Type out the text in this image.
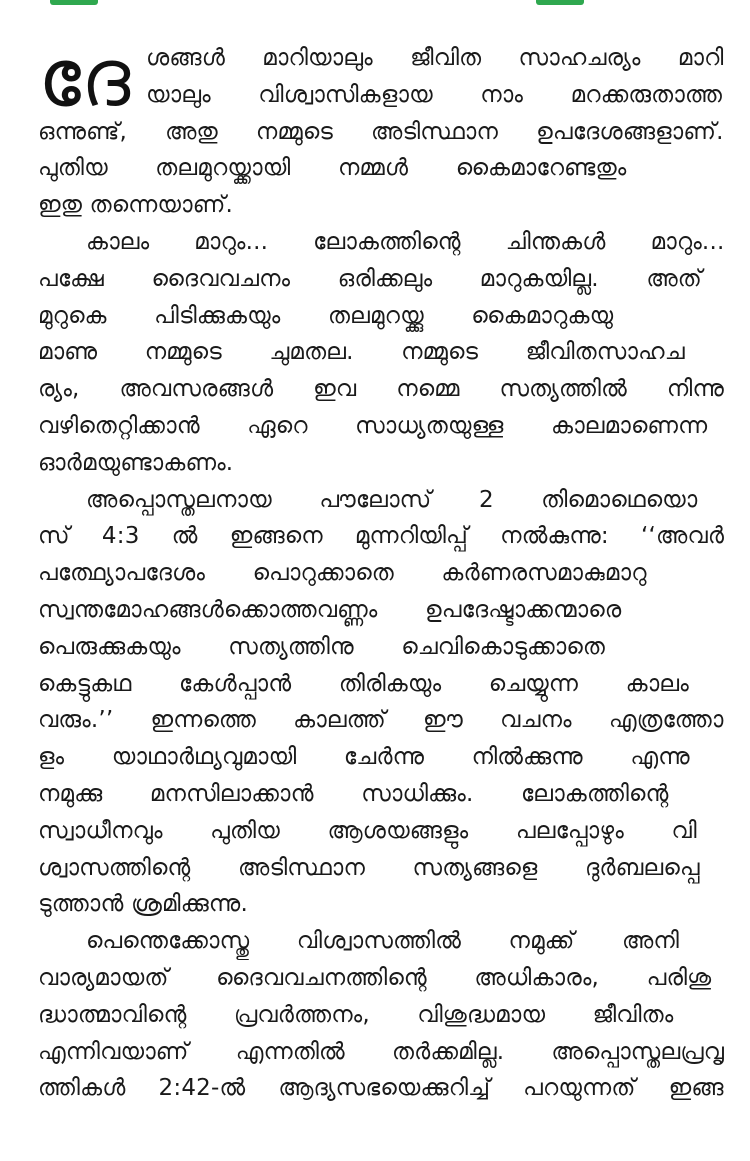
ദേ ശങ്ങൾ മാറിയാലും ജീവിത സാഹചര്യം മാറി
യാലും വിശ്വാസികളായ നാം മറക്കരുതാത്ത
ഒന്നുണ്ട്, അതു നമ്മുടെ അടിസ്ഥാന ഉപദേശങ്ങളാണ്.
പുതിയ തലമുറയ്ക്കായി നമ്മൾ കൈമാറേണ്ടതും
ഇതു തന്നെയാണ്.
കാലം മാറും... ലോകത്തിന്റെ ചിന്തകൾ മാറും...
പക്ഷേ ദൈവവചനം ഒരിക്കലും മാറുകയില്ല. അത്
മുറുകെ പിടിക്കുകയും തലമുറയ്ക്കു കൈമാറുകയു
മാണു നമ്മുടെ ചുമതല. നമ്മുടെ ജീവിതസാഹച
ര്യം, അവസരങ്ങൾ ഇവ നമ്മെ സത്യത്തിൽ നിന്നു
വഴിതെറ്റിക്കാൻ ഏറെ സാധ്യതയുള്ള കാലമാണെന്ന
ഓർമയുണ്ടാകണം.
അപ്പൊസ്തലനായ പൗലോസ് 2 തിമൊഥെയൊ
സ് 4:3 ൽ ഇങ്ങനെ മുന്നറിയിപ്പ് നൽകുന്നു: ‘‘അവർ
പത്ഥ്യോപദേശം പൊറുക്കാതെ കർണരസമാകുമാറു
സ്വന്തമോഹങ്ങൾക്കൊത്തവണ്ണം ഉപദേഷ്ടാക്കന്മാരെ
പെരുക്കുകയും സത്യത്തിനു ചെവികൊടുക്കാതെ
കെട്ടുകഥ കേൾപ്പാൻ തിരികയും ചെയ്യുന്ന കാലം
വരും.’’ ഇന്നത്തെ കാലത്ത് ഈ വചനം എത്രത്തോ
ളം യാഥാർഥ്യവുമായി ചേർന്നു നിൽക്കുന്നു എന്നു
നമുക്കു മനസിലാക്കാൻ സാധിക്കും. ലോകത്തിന്റെ
സ്വാധീനവും പുതിയ ആശയങ്ങളും പലപ്പോഴും വി
ശ്വാസത്തിന്റെ അടിസ്ഥാന സത്യങ്ങളെ ദുർബലപ്പെ
ടുത്താൻ ശ്രമിക്കുന്നു.
പെന്തെക്കോസ്തു വിശ്വാസത്തിൽ നമുക്ക് അനി
വാര്യമായത് ദൈവവചനത്തിന്റെ അധികാരം, പരിശു
ദ്ധാത്മാവിന്റെ പ്രവർത്തനം, വിശുദ്ധമായ ജീവിതം
എന്നിവയാണ് എന്നതിൽ തർക്കമില്ല. അപ്പൊസ്തലപ്രവൃ
ത്തികൾ 2:42-ൽ ആദ്യസഭയെക്കുറിച്ച് പറയുന്നത് ഇങ്ങ
